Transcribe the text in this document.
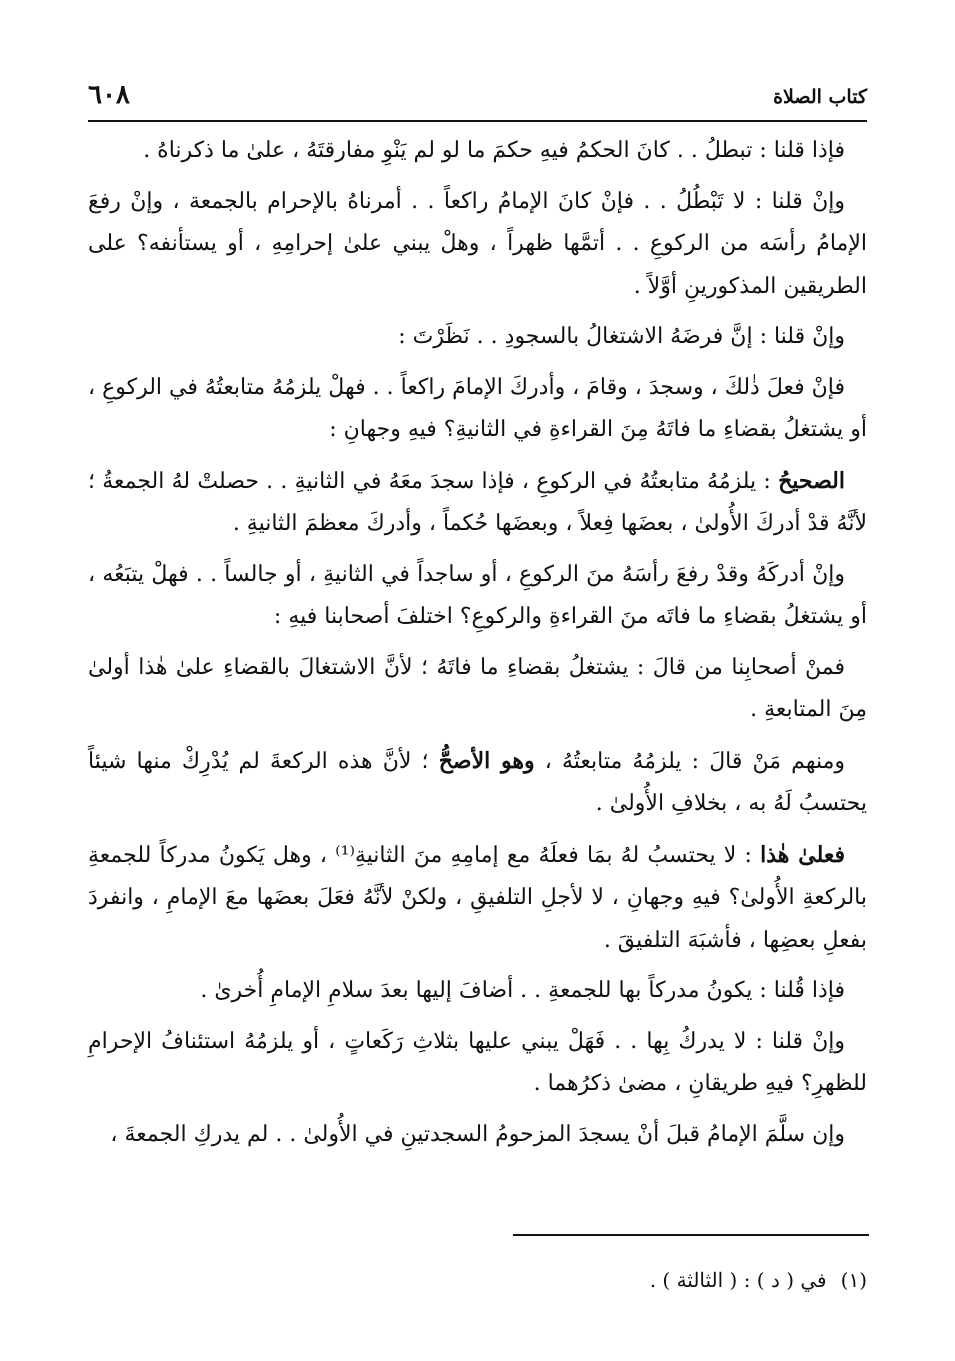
كتاب الصلاة
٦٠٨

فإذا قلنا : تبطلُ . . كانَ الحكمُ فيهِ حكمَ ما لو لم يَنْوِ مفارقتَهُ ، علىٰ ما ذكرناهُ .

وإنْ قلنا : لا تَبْطُلُ . . فإنْ كانَ الإمامُ راكعاً . . أمرناهُ بالإحرام بالجمعة ، وإنْ رفعَ الإمامُ رأسَه من الركوعِ . . أتمَّها ظهراً ، وهلْ يبني علىٰ إحرامِهِ ، أو يستأنفه؟ على الطريقين المذكورينِ أوَّلاً .

وإنْ قلنا : إنَّ فرضَهُ الاشتغالُ بالسجودِ . . نَظَرْتَ :

فإنْ فعلَ ذٰلكَ ، وسجدَ ، وقامَ ، وأدركَ الإمامَ راكعاً . . فهلْ يلزمُهُ متابعتُهُ في الركوعِ ، أو يشتغلُ بقضاءِ ما فاتَهُ مِنَ القراءةِ في الثانيةِ؟ فيهِ وجهانِ :

الصحيحُ : يلزمُهُ متابعتُهُ في الركوعِ ، فإذا سجدَ معَهُ في الثانيةِ . . حصلتْ لهُ الجمعةُ ؛ لأنَّهُ قدْ أدركَ الأُولىٰ ، بعضَها فِعلاً ، وبعضَها حُكماً ، وأدركَ معظمَ الثانيةِ .

وإنْ أدركَهُ وقدْ رفعَ رأسَهُ منَ الركوعِ ، أو ساجداً في الثانيةِ ، أو جالساً . . فهلْ يتبَعُه ، أو يشتغلُ بقضاءِ ما فاتَه منَ القراءةِ والركوعِ؟ اختلفَ أصحابنا فيهِ :

فمنْ أصحابِنا من قالَ : يشتغلُ بقضاءِ ما فاتَهُ ؛ لأنَّ الاشتغالَ بالقضاءِ علىٰ هٰذا أولىٰ مِنَ المتابعةِ .

ومنهم مَنْ قالَ : يلزمُهُ متابعتُهُ ، وهو الأصحُّ ؛ لأنَّ هذه الركعةَ لم يُدْرِكْ منها شيئاً يحتسبُ لَهُ به ، بخلافِ الأُولىٰ .

فعلىٰ هٰذا : لا يحتسبُ لهُ بمَا فعلَهُ مع إمامِهِ منَ الثانيةِ⁽¹⁾ ، وهل يَكونُ مدركاً للجمعةِ بالركعةِ الأُولىٰ؟ فيهِ وجهانِ ، لا لأجلِ التلفيقِ ، ولكنْ لأنَّهُ فعَلَ بعضَها معَ الإمامِ ، وانفردَ بفعلِ بعضِها ، فأشبَهَ التلفيقَ .

فإذا قُلنا : يكونُ مدركاً بها للجمعةِ . . أضافَ إليها بعدَ سلامِ الإمامِ أُخرىٰ .

وإنْ قلنا : لا يدركُ بِها . . فَهَلْ يبني عليها بثلاثِ رَكَعاتٍ ، أو يلزمُهُ استئنافُ الإحرامِ للظهرِ؟ فيهِ طريقانِ ، مضىٰ ذكرُهما .

وإن سلَّمَ الإمامُ قبلَ أنْ يسجدَ المزحومُ السجدتينِ في الأُولىٰ . . لم يدركِ الجمعةَ ،

(١)في ( د ) : ( الثالثة ) .
